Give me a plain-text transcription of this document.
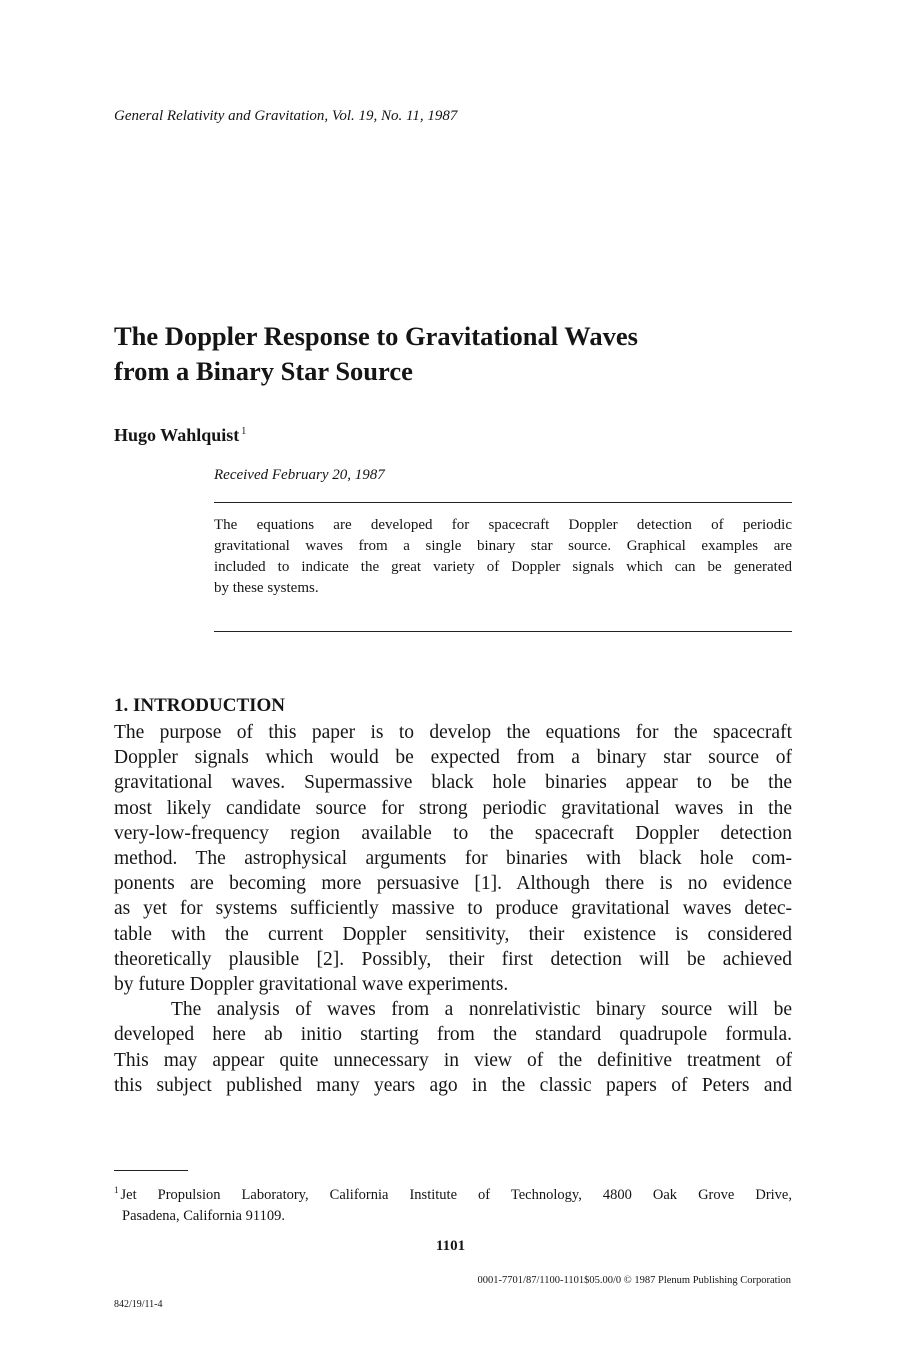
General Relativity and Gravitation, Vol. 19, No. 11, 1987
The Doppler Response to Gravitational Waves
from a Binary Star Source
Hugo Wahlquist $^1$
Received February 20, 1987
The equations are developed for spacecraft Doppler detection of periodic
gravitational waves from a single binary star source. Graphical examples are
included to indicate the great variety of Doppler signals which can be generated
by these systems.
1. INTRODUCTION
The purpose of this paper is to develop the equations for the spacecraft
Doppler signals which would be expected from a binary star source of
gravitational waves. Supermassive black hole binaries appear to be the
most likely candidate source for strong periodic gravitational waves in the
very-low-frequency region available to the spacecraft Doppler detection
method. The astrophysical arguments for binaries with black hole com-
ponents are becoming more persuasive [1]. Although there is no evidence
as yet for systems sufficiently massive to produce gravitational waves detec-
table with the current Doppler sensitivity, their existence is considered
theoretically plausible [2]. Possibly, their first detection will be achieved
by future Doppler gravitational wave experiments.
The analysis of waves from a nonrelativistic binary source will be
developed here ab initio starting from the standard quadrupole formula.
This may appear quite unnecessary in view of the definitive treatment of
this subject published many years ago in the classic papers of Peters and
$^1$ Jet Propulsion Laboratory, California Institute of Technology, 4800 Oak Grove Drive,
Pasadena, California 91109.
1101
0001-7701/87/1100-1101$05.00/0 © 1987 Plenum Publishing Corporation
842/19/11-4
